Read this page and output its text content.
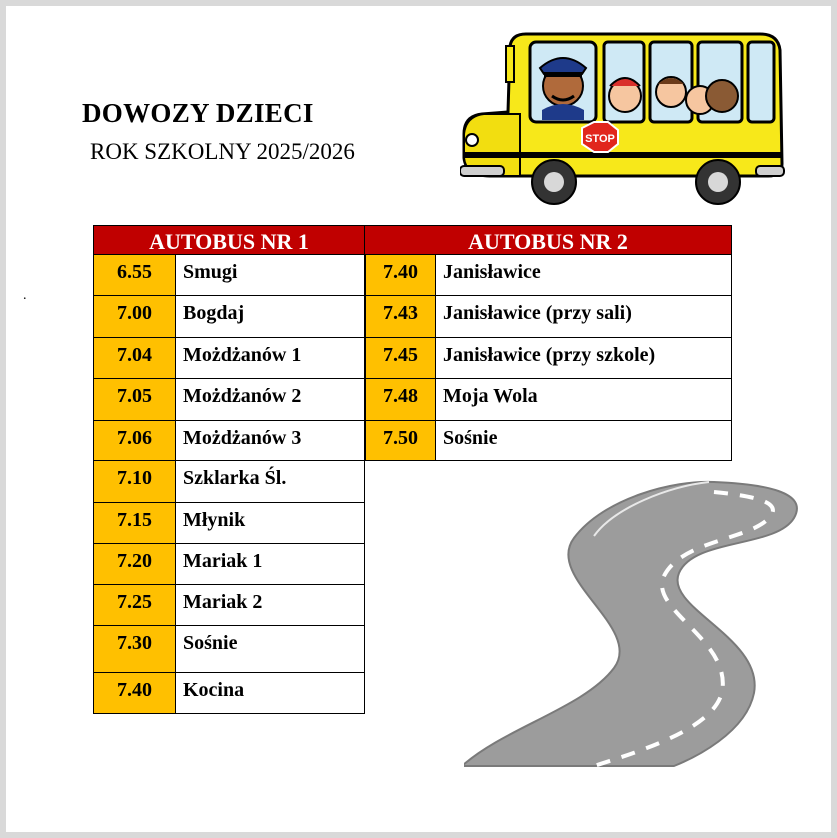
DOWOZY DZIECI
ROK SZKOLNY 2025/2026
.
STOP
AUTOBUS NR 1
6.55	Smugi
7.00	Bogdaj
7.04	Możdżanów 1
7.05	Możdżanów 2
7.06	Możdżanów 3
7.10	Szklarka Śl.
7.15	Młynik
7.20	Mariak 1
7.25	Mariak 2
7.30	Sośnie
7.40	Kocina
AUTOBUS NR 2
7.40	Janisławice
7.43	Janisławice (przy sali)
7.45	Janisławice (przy szkole)
7.48	Moja Wola
7.50	Sośnie
